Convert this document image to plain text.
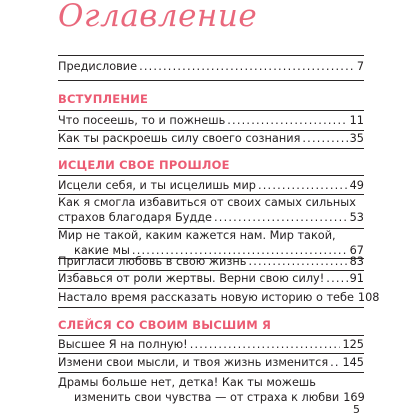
Оглавление
Предисловие .....	7
ВСТУПЛЕНИЕ
Что посеешь, то и пожнешь .....	11
Как ты раскроешь силу своего сознания .....	35
ИСЦЕЛИ СВОЕ ПРОШЛОЕ
Исцели себя, и ты исцелишь мир .....	49
Как я смогла избавиться от своих самых сильных
страхов благодаря Будде .....	53
Мир не такой, каким кажется нам. Мир такой,
какие мы .....	67
Пригласи любовь в свою жизнь .....	83
Избавься от роли жертвы. Верни свою силу! ..... 91
Настало время рассказать новую историю о тебе 108
СЛЕЙСЯ СО СВОИМ ВЫСШИМ Я
Высшее Я на полную! .....	125
Измени свои мысли, и твоя жизнь изменится ..... 145
Драмы больше нет, детка! Как ты можешь
изменить свои чувства — от страха к любви 169
5
